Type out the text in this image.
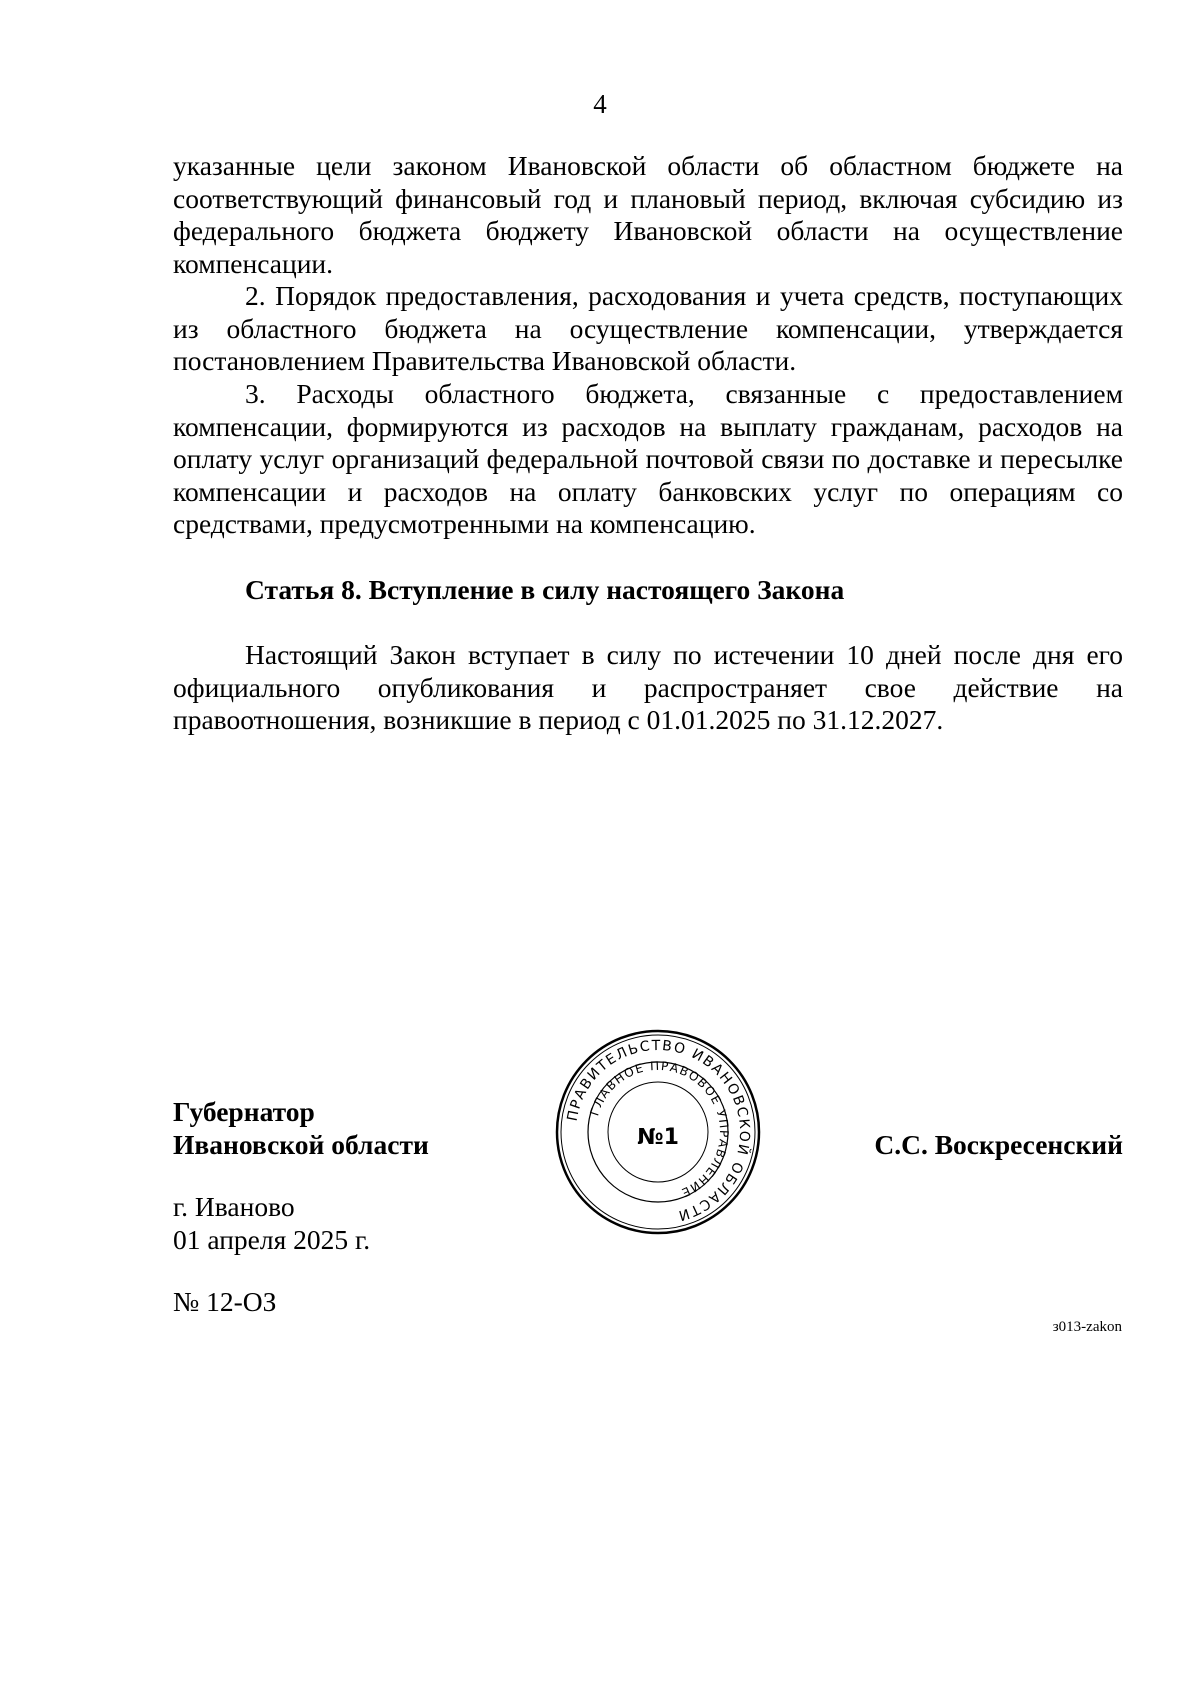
4

указанные цели законом Ивановской области об областном бюджете на соответствующий финансовый год и плановый период, включая субсидию из федерального бюджета бюджету Ивановской области на осуществление компенсации.

2. Порядок предоставления, расходования и учета средств, поступающих из областного бюджета на осуществление компенсации, утверждается постановлением Правительства Ивановской области.

3. Расходы областного бюджета, связанные с предоставлением компенсации, формируются из расходов на выплату гражданам, расходов на оплату услуг организаций федеральной почтовой связи по доставке и пересылке компенсации и расходов на оплату банковских услуг по операциям со средствами, предусмотренными на компенсацию.

Статья 8. Вступление в силу настоящего Закона

Настоящий Закон вступает в силу по истечении 10 дней после дня его официального опубликования и распространяет свое действие на правоотношения, возникшие в период с 01.01.2025 по 31.12.2027.

Губернатор
Ивановской области
ПРАВИТЕЛЬСТВО ИВАНОВСКОЙ ОБЛАСТИ
ГЛАВНОЕ ПРАВОВОЕ УПРАВЛЕНИЕ
№1	С.С. Воскресенский
г. Иваново
01 апреля 2025 г.
№ 12-ОЗ
з013-zakon
